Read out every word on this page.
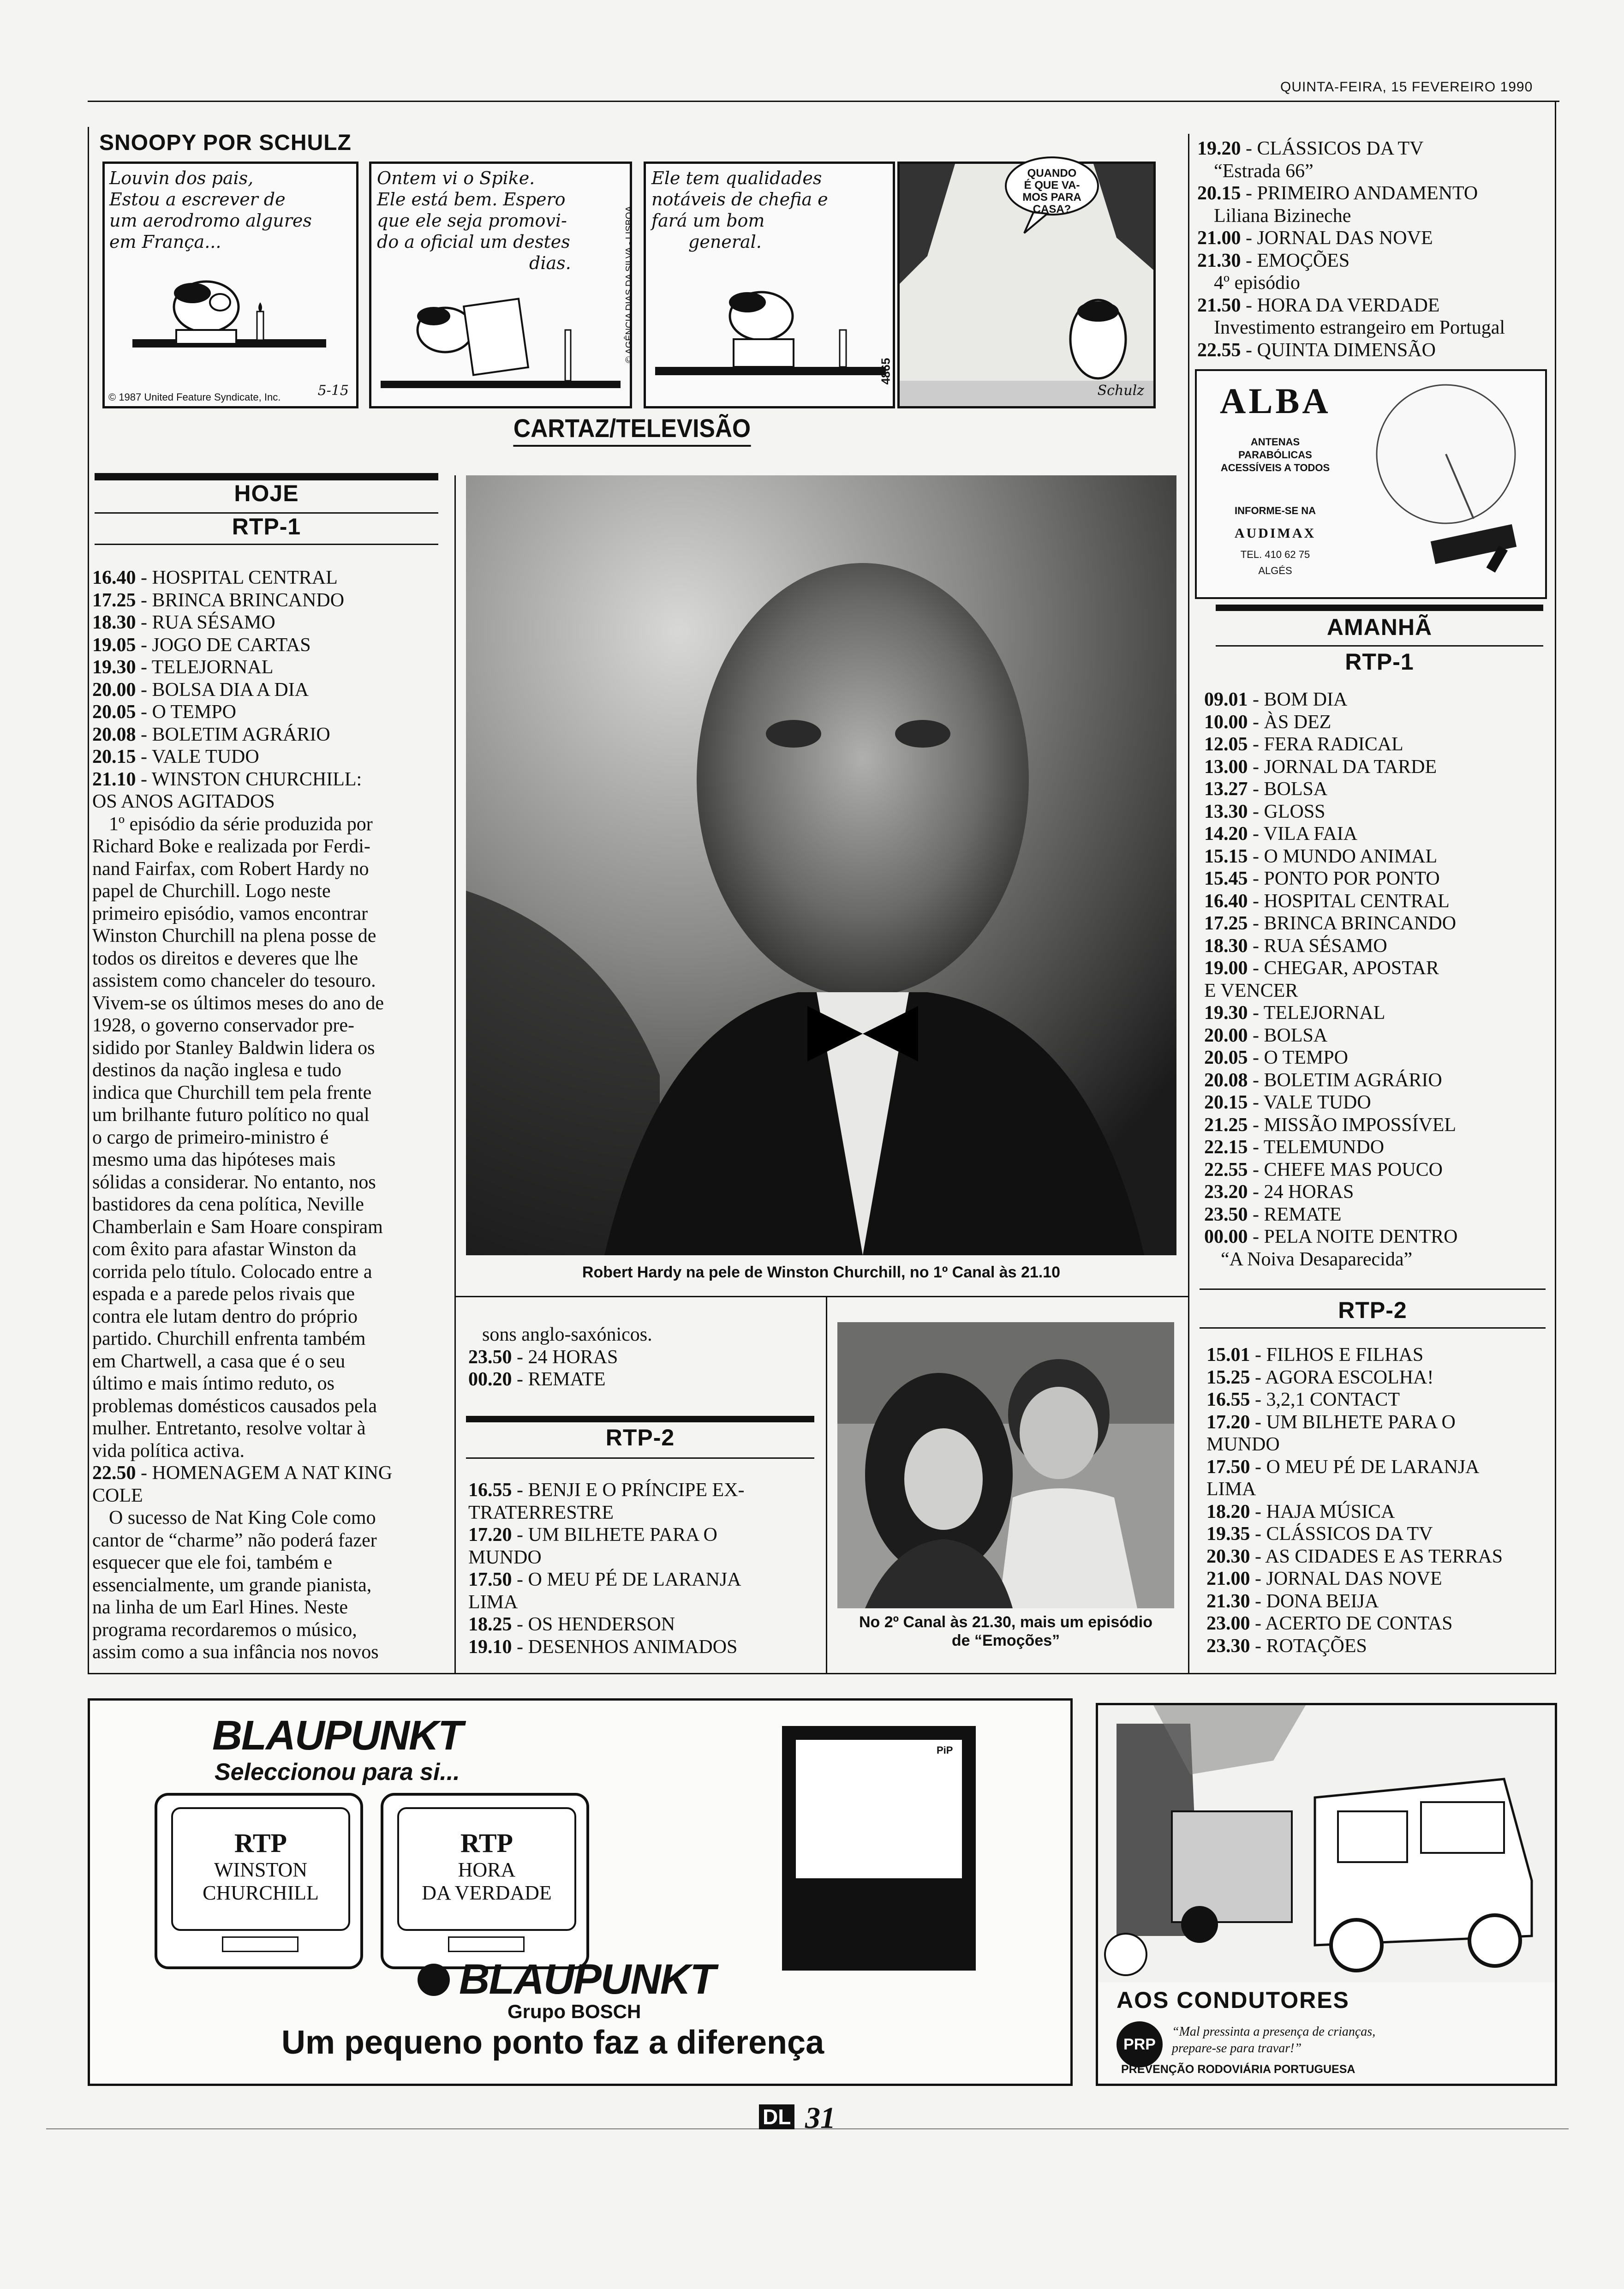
QUINTA-FEIRA, 15 FEVEREIRO 1990
SNOOPY POR SCHULZ
Louvin dos pais,
Estou a escrever de
um aerodromo algures
em França...
© 1987 United Feature Syndicate, Inc.	5-15
Ontem vi o Spike.
Ele está bem. Espero
que ele seja promovi-
do a oficial um destes
dias.	© AGÊNCIA DIAS DA SILVA - LISBOA
Ele tem qualidades
notáveis de chefia e
fará um bom
general.
4865
QUANDO
É QUE VA-
MOS PARA
CASA?
Schulz
CARTAZ/TELEVISÃO
HOJE
RTP-1
16.40 - HOSPITAL CENTRAL
17.25 - BRINCA BRINCANDO
18.30 - RUA SÉSAMO
19.05 - JOGO DE CARTAS
19.30 - TELEJORNAL
20.00 - BOLSA DIA A DIA
20.05 - O TEMPO
20.08 - BOLETIM AGRÁRIO
20.15 - VALE TUDO
21.10 - WINSTON CHURCHILL:
OS ANOS AGITADOS
1º episódio da série produzida por
Richard Boke e realizada por Ferdi-
nand Fairfax, com Robert Hardy no
papel de Churchill. Logo neste
primeiro episódio, vamos encontrar
Winston Churchill na plena posse de
todos os direitos e deveres que lhe
assistem como chanceler do tesouro.
Vivem-se os últimos meses do ano de
1928, o governo conservador pre-
sidido por Stanley Baldwin lidera os
destinos da nação inglesa e tudo
indica que Churchill tem pela frente
um brilhante futuro político no qual
o cargo de primeiro-ministro é
mesmo uma das hipóteses mais
sólidas a considerar. No entanto, nos
bastidores da cena política, Neville
Chamberlain e Sam Hoare conspiram
com êxito para afastar Winston da
corrida pelo título. Colocado entre a
espada e a parede pelos rivais que
contra ele lutam dentro do próprio
partido. Churchill enfrenta também
em Chartwell, a casa que é o seu
último e mais íntimo reduto, os
problemas domésticos causados pela
mulher. Entretanto, resolve voltar à
vida política activa.
22.50 - HOMENAGEM A NAT KING
COLE
O sucesso de Nat King Cole como
cantor de “charme” não poderá fazer
esquecer que ele foi, também e
essencialmente, um grande pianista,
na linha de um Earl Hines. Neste
programa recordaremos o músico,
assim como a sua infância nos novos
Robert Hardy na pele de Winston Churchill, no 1º Canal às 21.10
sons anglo-saxónicos.
23.50 - 24 HORAS
00.20 - REMATE
RTP-2
16.55 - BENJI E O PRÍNCIPE EX-
TRATERRESTRE
17.20 - UM BILHETE PARA O
MUNDO
17.50 - O MEU PÉ DE LARANJA
LIMA
18.25 - OS HENDERSON
19.10 - DESENHOS ANIMADOS
No 2º Canal às 21.30, mais um episódio
de “Emoções”
19.20 - CLÁSSICOS DA TV
“Estrada 66”
20.15 - PRIMEIRO ANDAMENTO
Liliana Bizineche
21.00 - JORNAL DAS NOVE
21.30 - EMOÇÕES
4º episódio
21.50 - HORA DA VERDADE
Investimento estrangeiro em Portugal
22.55 - QUINTA DIMENSÃO
ALBA
ANTENAS PARABÓLICAS
ACESSÍVEIS A TODOS
INFORME-SE NA
AUDIMAX
TEL. 410 62 75
ALGÉS
AMANHÃ
RTP-1
09.01 - BOM DIA
10.00 - ÀS DEZ
12.05 - FERA RADICAL
13.00 - JORNAL DA TARDE
13.27 - BOLSA
13.30 - GLOSS
14.20 - VILA FAIA
15.15 - O MUNDO ANIMAL
15.45 - PONTO POR PONTO
16.40 - HOSPITAL CENTRAL
17.25 - BRINCA BRINCANDO
18.30 - RUA SÉSAMO
19.00 - CHEGAR, APOSTAR
E VENCER
19.30 - TELEJORNAL
20.00 - BOLSA
20.05 - O TEMPO
20.08 - BOLETIM AGRÁRIO
20.15 - VALE TUDO
21.25 - MISSÃO IMPOSSÍVEL
22.15 - TELEMUNDO
22.55 - CHEFE MAS POUCO
23.20 - 24 HORAS
23.50 - REMATE
00.00 - PELA NOITE DENTRO
“A Noiva Desaparecida”
RTP-2
15.01 - FILHOS E FILHAS
15.25 - AGORA ESCOLHA!
16.55 - 3,2,1 CONTACT
17.20 - UM BILHETE PARA O
MUNDO
17.50 - O MEU PÉ DE LARANJA
LIMA
18.20 - HAJA MÚSICA
19.35 - CLÁSSICOS DA TV
20.30 - AS CIDADES E AS TERRAS
21.00 - JORNAL DAS NOVE
21.30 - DONA BEIJA
23.00 - ACERTO DE CONTAS
23.30 - ROTAÇÕES
BLAUPUNKT
Seleccionou para si...
RTP
WINSTON
CHURCHILL
RTP
HORA
DA VERDADE
PiP
BLAUPUNKT
Grupo BOSCH
Um pequeno ponto faz a diferença
AOS CONDUTORES
PRP
“Mal pressinta a presença de crianças,
prepare-se para travar!”
PREVENÇÃO RODOVIÁRIA PORTUGUESA
DL 31
